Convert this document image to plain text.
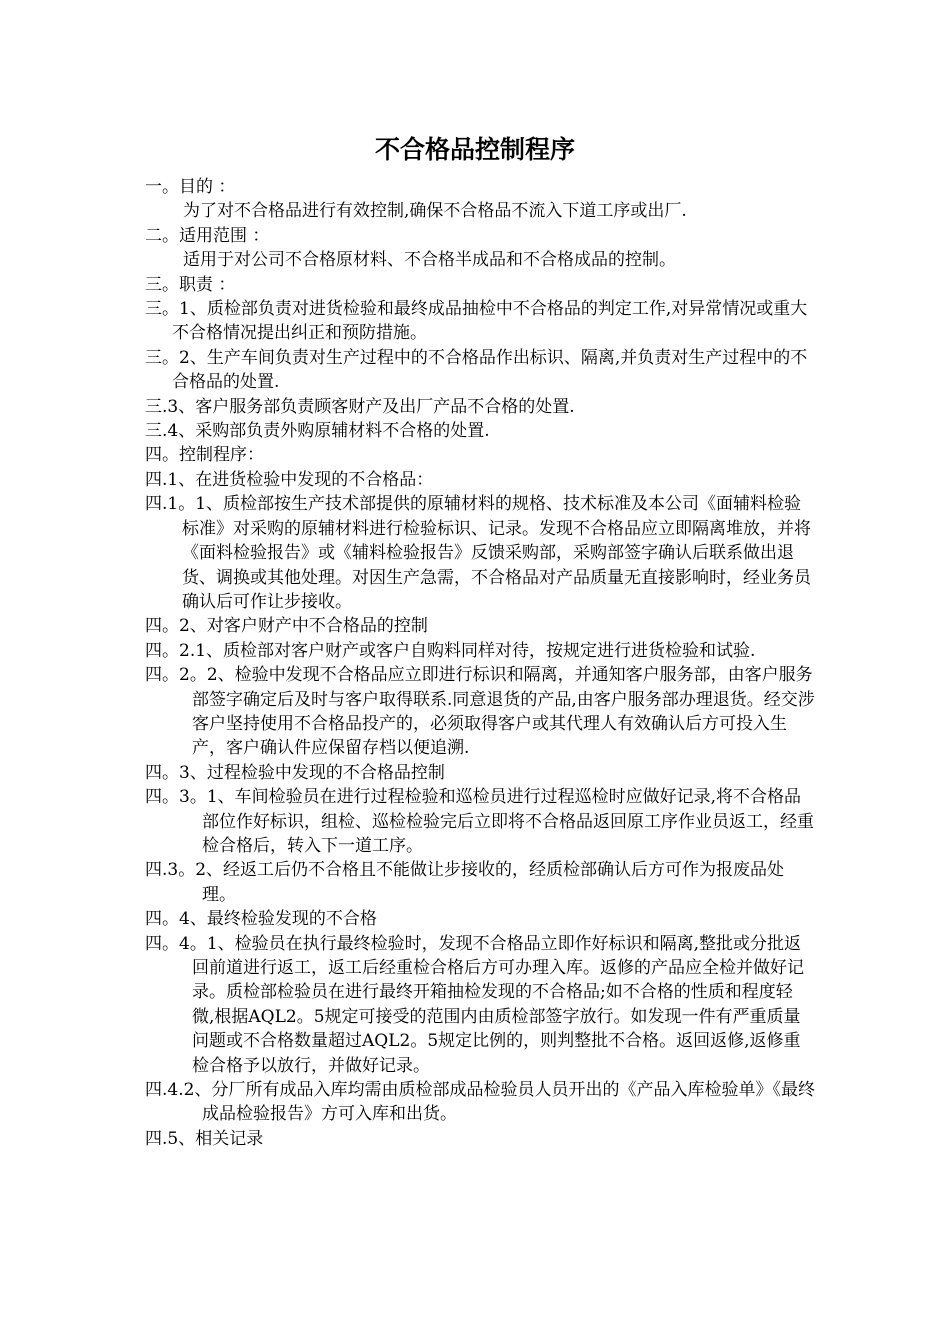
不合格品控制程序

一。目的 ：

为了对不合格品进行有效控制,确保不合格品不流入下道工序或出厂.

二。适用范围 ：

适用于对公司不合格原材料、不合格半成品和不合格成品的控制。

三。职责 ：

三。1、质检部负责对进货检验和最终成品抽检中不合格品的判定工作,对异常情况或重大不合格情况提出纠正和预防措施。

三。2、生产车间负责对生产过程中的不合格品作出标识、隔离,并负责对生产过程中的不合格品的处置.

三.3、客户服务部负责顾客财产及出厂产品不合格的处置.

三.4、采购部负责外购原辅材料不合格的处置.

四。控制程序：

四.1、在进货检验中发现的不合格品：

四.1。1、质检部按生产技术部提供的原辅材料的规格、技术标准及本公司《面辅料检验标准》对采购的原辅材料进行检验标识、记录。发现不合格品应立即隔离堆放，并将《面料检验报告》或《辅料检验报告》反馈采购部，采购部签字确认后联系做出退货、调换或其他处理。对因生产急需，不合格品对产品质量无直接影响时，经业务员确认后可作让步接收。

四。2、对客户财产中不合格品的控制

四。2.1、质检部对客户财产或客户自购料同样对待，按规定进行进货检验和试验.

四。2。2、检验中发现不合格品应立即进行标识和隔离，并通知客户服务部，由客户服务部签字确定后及时与客户取得联系.同意退货的产品,由客户服务部办理退货。经交涉客户坚持使用不合格品投产的，必须取得客户或其代理人有效确认后方可投入生产，客户确认件应保留存档以便追溯.

四。3、过程检验中发现的不合格品控制

四。3。1、车间检验员在进行过程检验和巡检员进行过程巡检时应做好记录,将不合格品部位作好标识，组检、巡检检验完后立即将不合格品返回原工序作业员返工，经重检合格后，转入下一道工序。

四.3。2、经返工后仍不合格且不能做让步接收的，经质检部确认后方可作为报废品处理。

四。4、最终检验发现的不合格

四。4。1、检验员在执行最终检验时，发现不合格品立即作好标识和隔离,整批或分批返回前道进行返工，返工后经重检合格后方可办理入库。返修的产品应全检并做好记录。质检部检验员在进行最终开箱抽检发现的不合格品;如不合格的性质和程度轻微,根据AQL2。5规定可接受的范围内由质检部签字放行。如发现一件有严重质量问题或不合格数量超过AQL2。5规定比例的，则判整批不合格。返回返修,返修重检合格予以放行，并做好记录。

四.4.2、分厂所有成品入库均需由质检部成品检验员人员开出的《产品入库检验单》《最终成品检验报告》方可入库和出货。

四.5、相关记录
